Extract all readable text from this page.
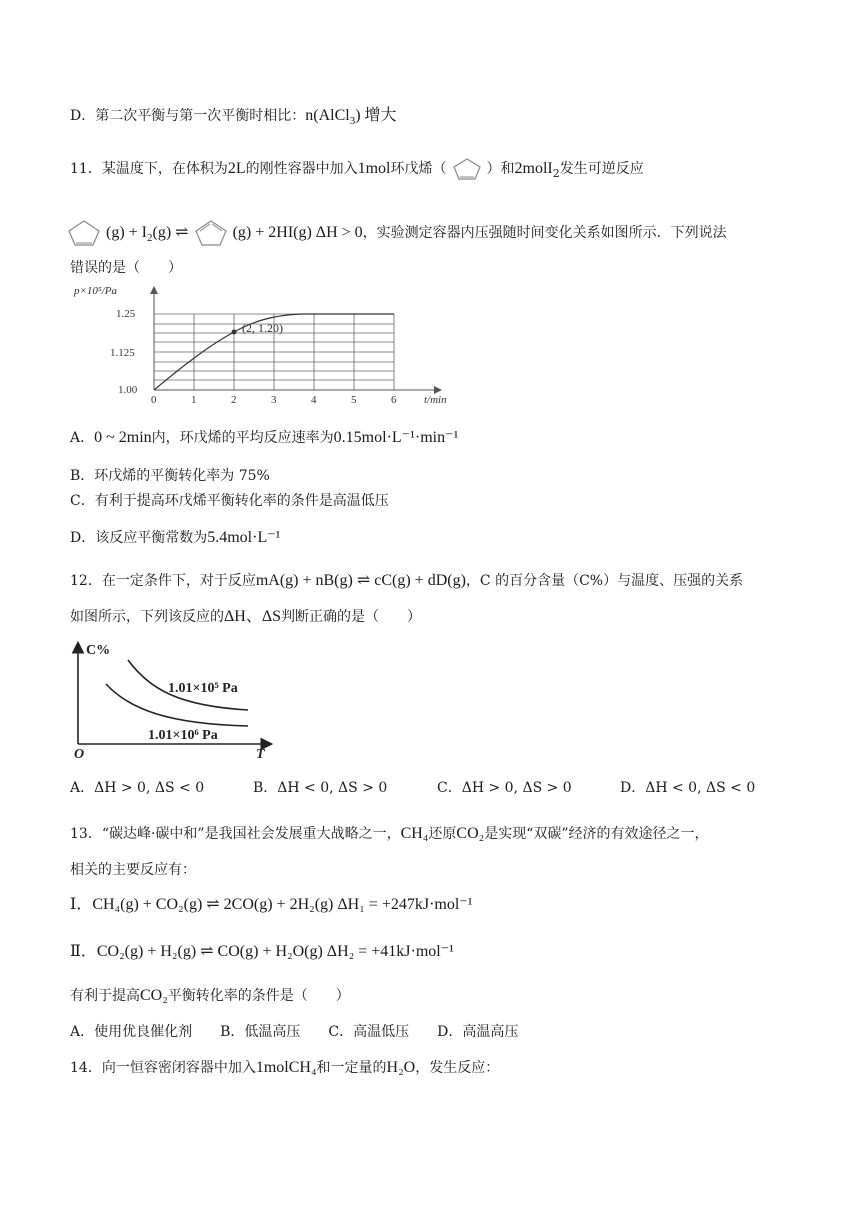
D．第二次平衡与第一次平衡时相比：n(AlCl$_3$) 增大
11．某温度下，在体积为2L的刚性容器中加入1mol环戊烯（	）和2molI$_2$发生可逆反应
$(g) + I_2(g)$ ⇌	(g) + 2HI(g) ΔH > 0，实验测定容器内压强随时间变化关系如图所示．下列说法
错误的是（　　）
(2, 1.20)
p×10⁵/Pa
1.25
1.125
1.00
0	1	2	3	4	5	6	t/min
A．0 ~ 2min内，环戊烯的平均反应速率为0.15mol·L⁻¹·min⁻¹
B．环戊烯的平衡转化率为 75%
C．有利于提高环戊烯平衡转化率的条件是高温低压
D．该反应平衡常数为5.4mol·L⁻¹
12．在一定条件下，对于反应mA(g) + nB(g) ⇌ cC(g) + dD(g)，C 的百分含量（C%）与温度、压强的关系
如图所示，下列该反应的ΔH、ΔS判断正确的是（　　）
C%
1.01×10⁵ Pa
1.01×10⁶ Pa
O	T
A．ΔH > 0, ΔS < 0	B．ΔH < 0, ΔS > 0	C．ΔH > 0, ΔS > 0	D．ΔH < 0, ΔS < 0
13．“碳达峰·碳中和”是我国社会发展重大战略之一，CH₄还原CO₂是实现“双碳”经济的有效途径之一，
相关的主要反应有：
Ⅰ．CH₄(g) + CO₂(g) ⇌ 2CO(g) + 2H₂(g) ΔH₁ = +247kJ·mol⁻¹
Ⅱ．CO₂(g) + H₂(g) ⇌ CO(g) + H₂O(g) ΔH₂ = +41kJ·mol⁻¹
有利于提高CO₂平衡转化率的条件是（　　）
A．使用优良催化剂　　B．低温高压　　C．高温低压　　D．高温高压
14．向一恒容密闭容器中加入1molCH₄和一定量的H₂O，发生反应：
